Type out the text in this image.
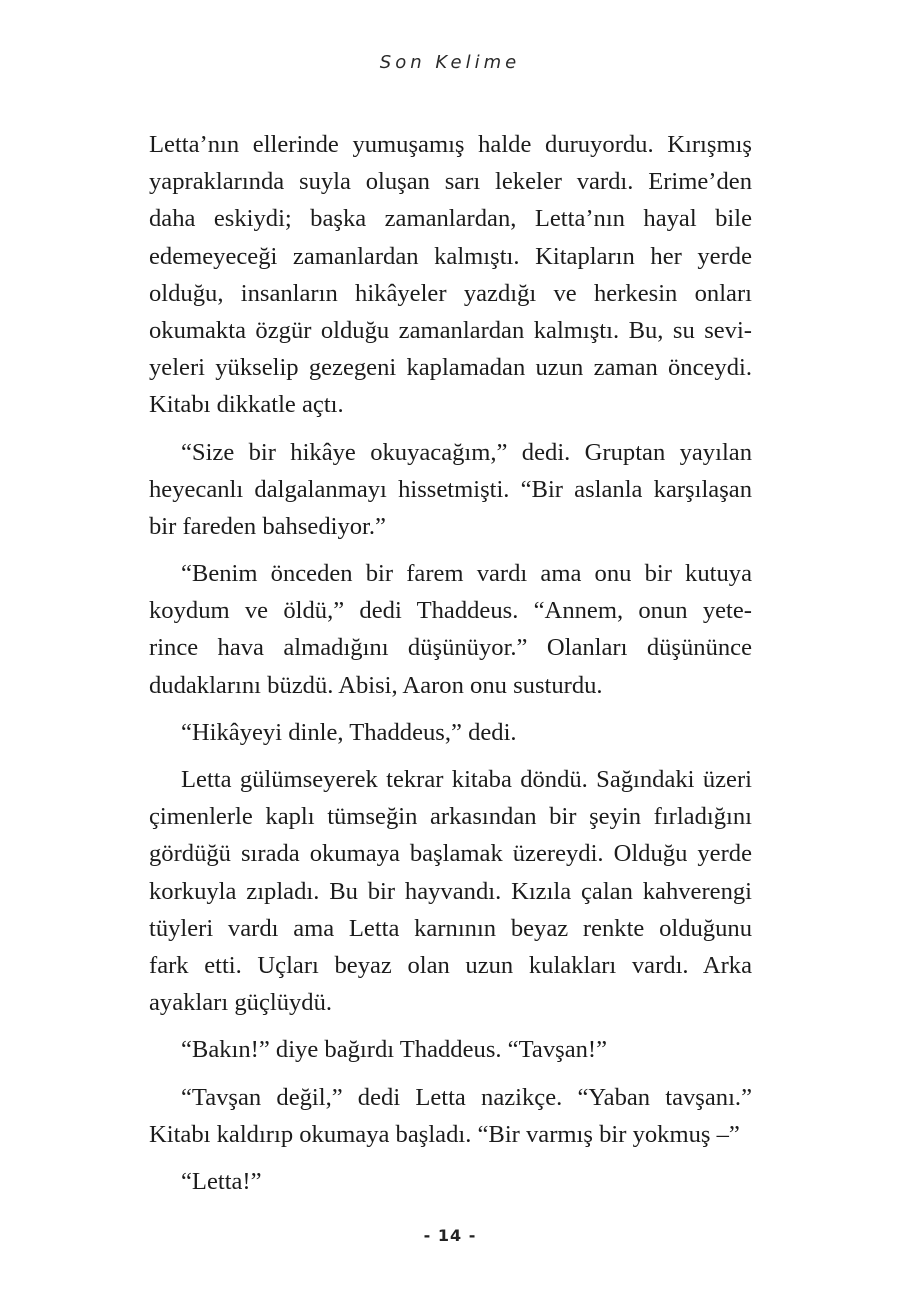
Son Kelime

Letta’nın ellerinde yumuşamış halde duruyordu. Kırışmış
yapraklarında suyla oluşan sarı lekeler vardı. Erime’den
daha eskiydi; başka zamanlardan, Letta’nın hayal bile
edemeyeceği zamanlardan kalmıştı. Kitapların her yerde
olduğu, insanların hikâyeler yazdığı ve herkesin onları
okumakta özgür olduğu zamanlardan kalmıştı. Bu, su sevi-
yeleri yükselip gezegeni kaplamadan uzun zaman önceydi.
Kitabı dikkatle açtı.

“Size bir hikâye okuyacağım,” dedi. Gruptan yayılan
heyecanlı dalgalanmayı hissetmişti. “Bir aslanla karşılaşan
bir fareden bahsediyor.”

“Benim önceden bir farem vardı ama onu bir kutuya
koydum ve öldü,” dedi Thaddeus. “Annem, onun yete-
rince hava almadığını düşünüyor.” Olanları düşününce
dudaklarını büzdü. Abisi, Aaron onu susturdu.

“Hikâyeyi dinle, Thaddeus,” dedi.

Letta gülümseyerek tekrar kitaba döndü. Sağındaki üzeri
çimenlerle kaplı tümseğin arkasından bir şeyin fırladığını
gördüğü sırada okumaya başlamak üzereydi. Olduğu yerde
korkuyla zıpladı. Bu bir hayvandı. Kızıla çalan kahverengi
tüyleri vardı ama Letta karnının beyaz renkte olduğunu
fark etti. Uçları beyaz olan uzun kulakları vardı. Arka
ayakları güçlüydü.

“Bakın!” diye bağırdı Thaddeus. “Tavşan!”

“Tavşan değil,” dedi Letta nazikçe. “Yaban tavşanı.”
Kitabı kaldırıp okumaya başladı. “Bir varmış bir yokmuş –”

“Letta!”

- 14 -
